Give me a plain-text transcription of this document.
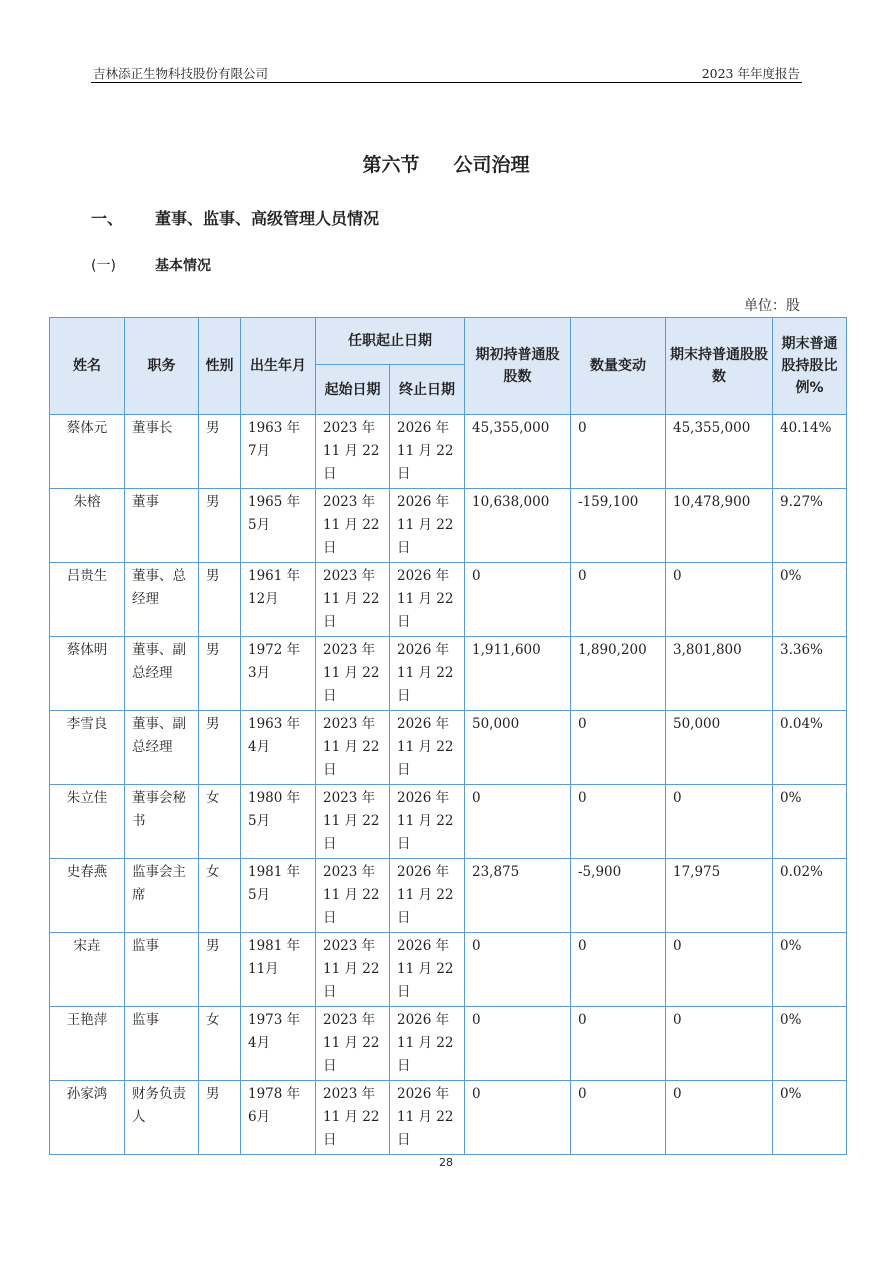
吉林添正生物科技股份有限公司	2023 年年度报告
第六节 公司治理
一、 董事、监事、高级管理人员情况
(一)	基本情况
单位：股
姓名	职务	性别	出生年月	任职起止日期		期初持普通股股数	数量变动	期末持普通股股数	期末普通股持股比例%
				起始日期	终止日期				
蔡体元	董事长	男	1963 年 7月	2023 年 11 月 22 日	2026 年 11 月 22 日	45,355,000	0	45,355,000	40.14%
朱榕	董事	男	1965 年 5月	2023 年 11 月 22 日	2026 年 11 月 22 日	10,638,000	-159,100	10,478,900	9.27%
吕贵生	董事、总经理	男	1961 年 12月	2023 年 11 月 22 日	2026 年 11 月 22 日	0	0	0	0%
蔡体明	董事、副总经理	男	1972 年 3月	2023 年 11 月 22 日	2026 年 11 月 22 日	1,911,600	1,890,200	3,801,800	3.36%
李雪良	董事、副总经理	男	1963 年 4月	2023 年 11 月 22 日	2026 年 11 月 22 日	50,000	0	50,000	0.04%
朱立佳	董事会秘书	女	1980 年 5月	2023 年 11 月 22 日	2026 年 11 月 22 日	0	0	0	0%
史春燕	监事会主席	女	1981 年 5月	2023 年 11 月 22 日	2026 年 11 月 22 日	23,875	-5,900	17,975	0.02%
宋垚	监事	男	1981 年 11月	2023 年 11 月 22 日	2026 年 11 月 22 日	0	0	0	0%
王艳萍	监事	女	1973 年 4月	2023 年 11 月 22 日	2026 年 11 月 22 日	0	0	0	0%
孙家鸿	财务负责人	男	1978 年 6月	2023 年 11 月 22 日	2026 年 11 月 22 日	0	0	0	0%
28
